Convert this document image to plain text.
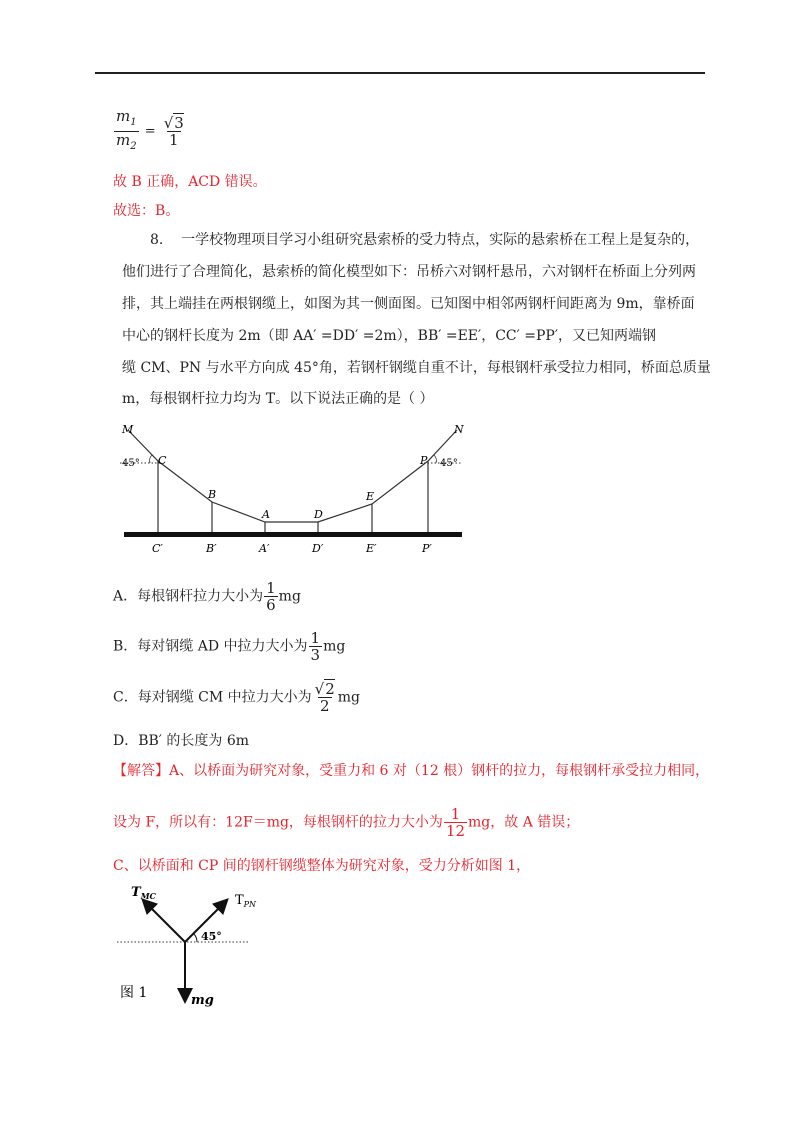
$\frac{m_1}{m_2} = \frac{√3}{1}$
故 B 正确，ACD 错误。
故选：B。
8. 一学校物理项目学习小组研究悬索桥的受力特点，实际的悬索桥在工程上是复杂的，
他们进行了合理简化，悬索桥的简化模型如下：吊桥六对钢杆悬吊，六对钢杆在桥面上分列两
排，其上端挂在两根钢缆上，如图为其一侧面图。已知图中相邻两钢杆间距离为 9m，靠桥面
中心的钢杆长度为 2m（即 AA′ =DD′ =2m），BB′ =EE′，CC′ =PP′，又已知两端钢
缆 CM、PN 与水平方向成 45°角，若钢杆钢缆自重不计，每根钢杆承受拉力相同，桥面总质量
m，每根钢杆拉力均为 T。以下说法正确的是（ ）
M	N
C	P
B	E
A	D
C′	B′	A′	D′	E′	P′
45°	45°
A．每根钢杆拉力大小为 $\frac{1}{6}$ mg
B．每对钢缆 AD 中拉力大小为 $\frac{1}{3}$ mg
C．每对钢缆 CM 中拉力大小为 $\frac{√2}{2}$ mg
D．BB′ 的长度为 6m
【解答】A、以桥面为研究对象，受重力和 6 对（12 根）钢杆的拉力，每根钢杆承受拉力相同，
设为 F，所以有：12F＝mg，每根钢杆的拉力大小为 $\frac{1}{12}$ mg，故 A 错误；
C、以桥面和 CP 间的钢杆钢缆整体为研究对象，受力分析如图 1，
$T_{MC}$	$T_{PN}$
45°
mg
图 1
